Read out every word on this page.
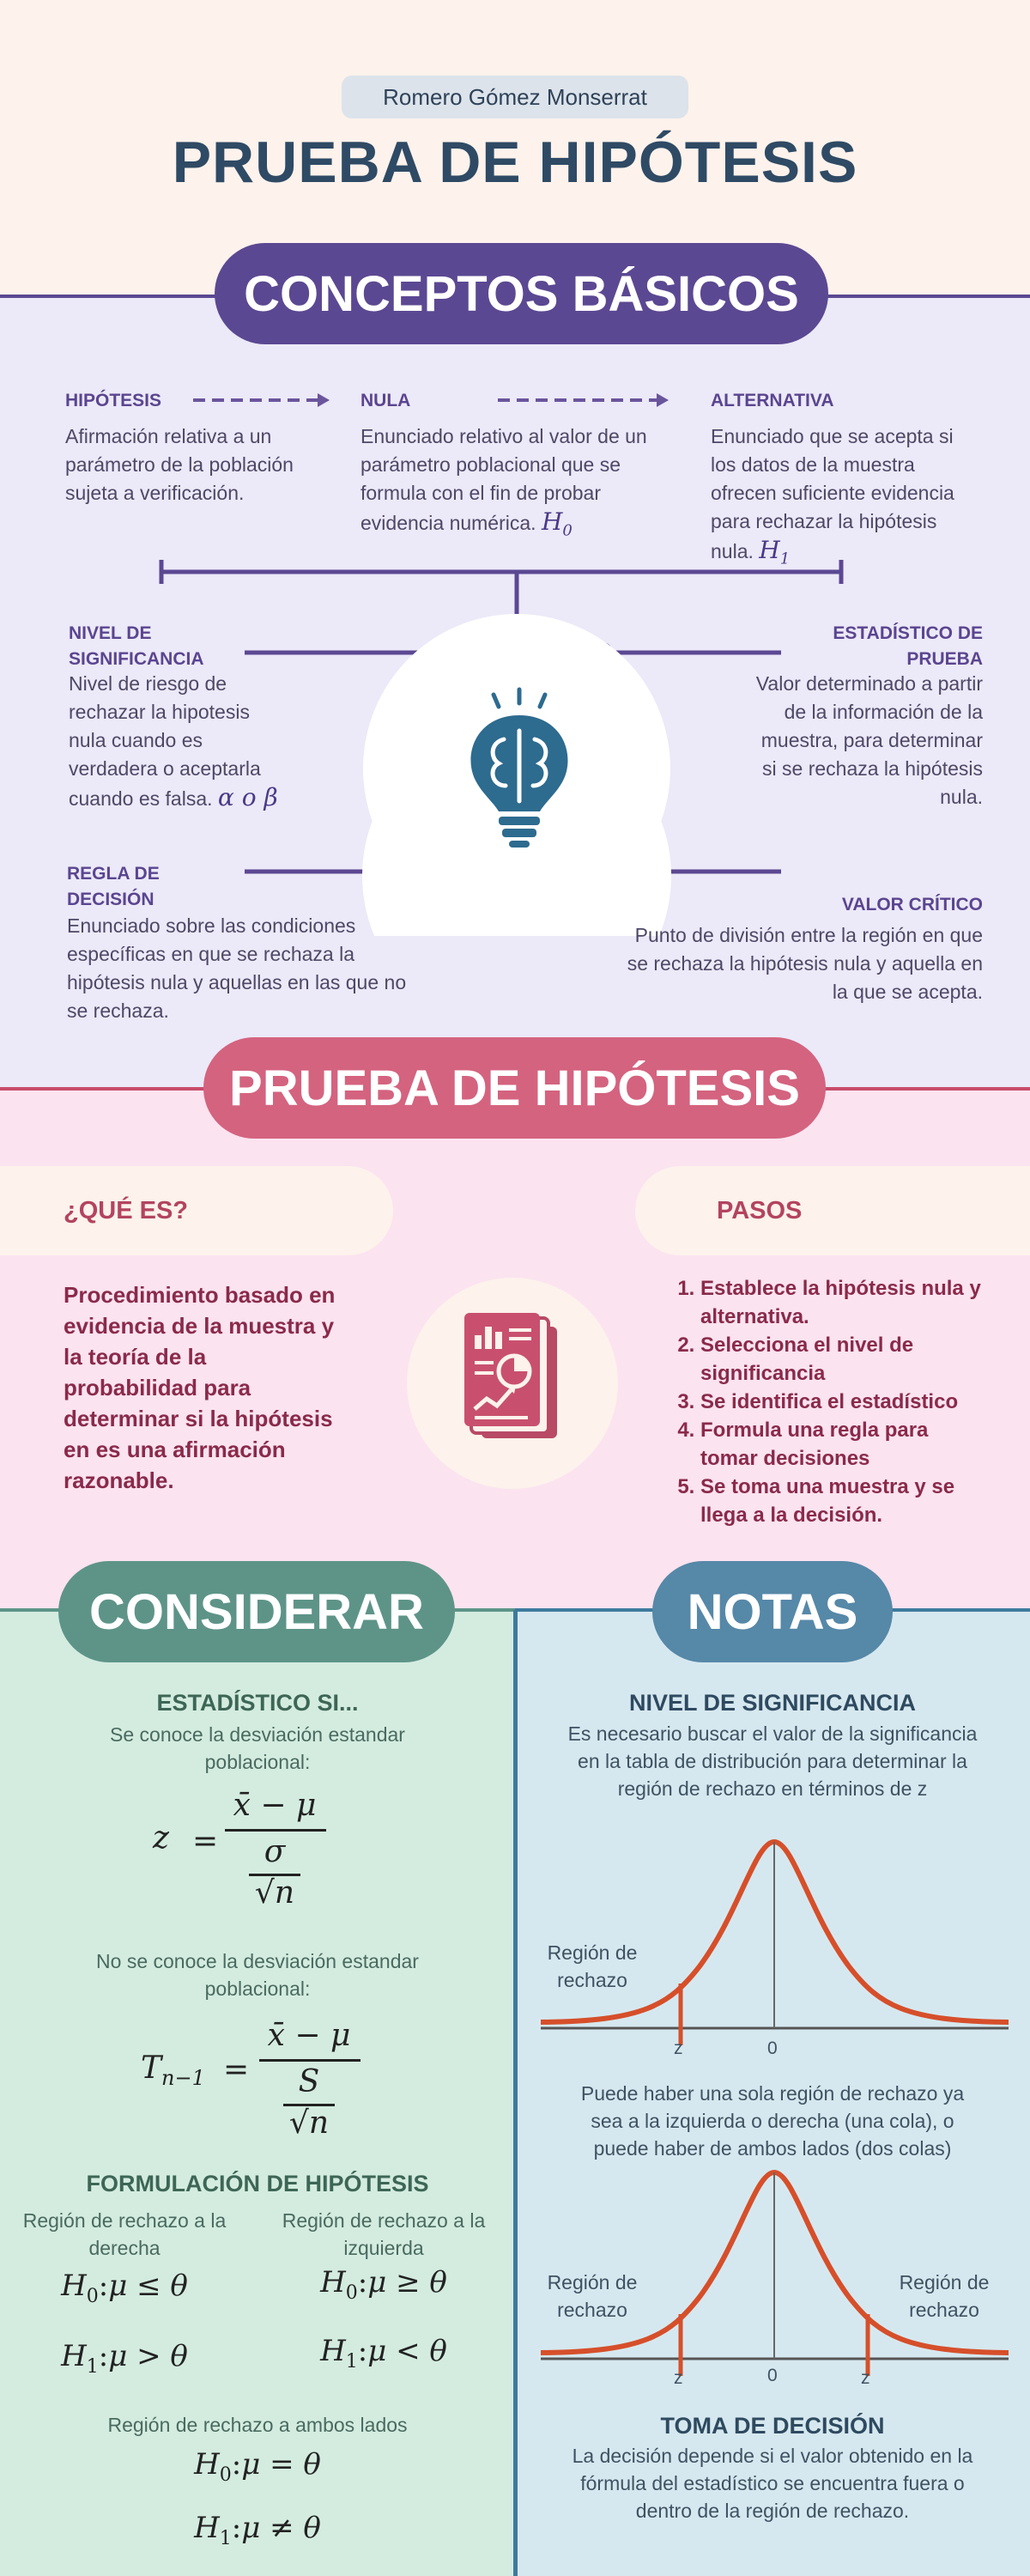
Romero Gómez Monserrat
PRUEBA DE HIPÓTESIS
CONCEPTOS BÁSICOS
HIPÓTESIS
Afirmación relativa a un parámetro de la población sujeta a verificación.
NULA
Enunciado relativo al valor de un parámetro poblacional que se formula con el fin de probar evidencia numérica. $H_0$
ALTERNATIVA
Enunciado que se acepta si los datos de la muestra ofrecen suficiente evidencia para rechazar la hipótesis nula. $H_1$
NIVEL DE SIGNIFICANCIA
Nivel de riesgo de rechazar la hipotesis nula cuando es verdadera o aceptarla cuando es falsa. α o β
ESTADÍSTICO DE PRUEBA
Valor determinado a partir de la información de la muestra, para determinar si se rechaza la hipótesis nula.
REGLA DE DECISIÓN
Enunciado sobre las condiciones específicas en que se rechaza la hipótesis nula y aquellas en las que no se rechaza.
VALOR CRÍTICO
Punto de división entre la región en que se rechaza la hipótesis nula y aquella en la que se acepta.
PRUEBA DE HIPÓTESIS
¿QUÉ ES?	PASOS
Procedimiento basado en evidencia de la muestra y la teoría de la probabilidad para determinar si la hipótesis en es una afirmación razonable.
1. Establece la hipótesis nula y alternativa.
2. Selecciona el nivel de significancia
3. Se identifica el estadístico
4. Formula una regla para tomar decisiones
5. Se toma una muestra y se llega a la decisión.
CONSIDERAR	NOTAS
ESTADÍSTICO SI...
Se conoce la desviación estandar poblacional:
z =
x̄ − μ
σ
√n
No se conoce la desviación estandar poblacional:
$T_{n-1}$ =
x̄ − μ
S
√n
FORMULACIÓN DE HIPÓTESIS
Región de rechazo a la derecha
$H_0:\mu \le \theta$
$H_1:\mu > \theta$
Región de rechazo a la izquierda
$H_0:\mu \ge \theta$
$H_1:\mu < \theta$
Región de rechazo a ambos lados
$H_0:\mu = \theta$
$H_1:\mu \ne \theta$
NIVEL DE SIGNIFICANCIA
Es necesario buscar el valor de la significancia en la tabla de distribución para determinar la región de rechazo en términos de z
Región de rechazo
z	0
Puede haber una sola región de rechazo ya sea a la izquierda o derecha (una cola), o puede haber de ambos lados (dos colas)
Región de rechazo
Región de rechazo
z	0	z
TOMA DE DECISIÓN
La decisión depende si el valor obtenido en la fórmula del estadístico se encuentra fuera o dentro de la región de rechazo.
